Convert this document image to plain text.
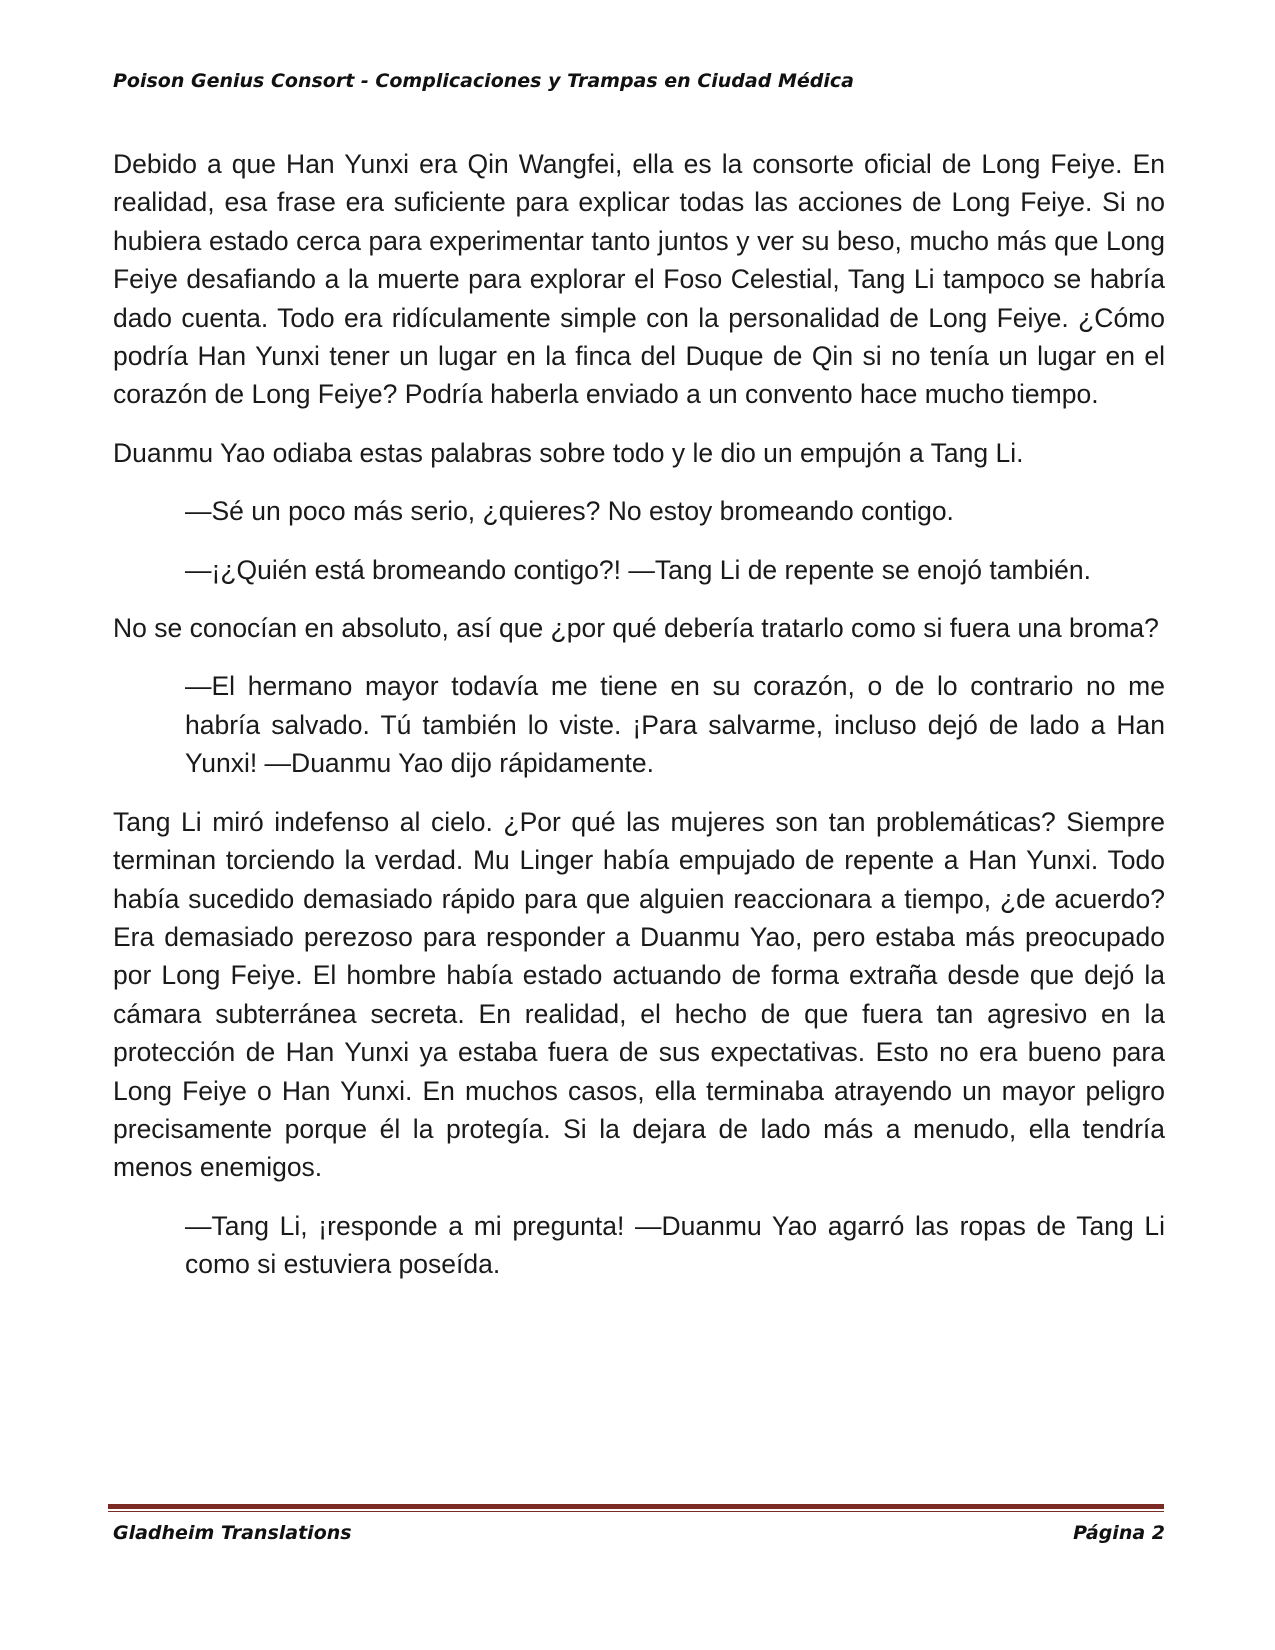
Poison Genius Consort - Complicaciones y Trampas en Ciudad Médica

Debido a que Han Yunxi era Qin Wangfei, ella es la consorte oficial de Long Feiye. En realidad, esa frase era suficiente para explicar todas las acciones de Long Feiye. Si no hubiera estado cerca para experimentar tanto juntos y ver su beso, mucho más que Long Feiye desafiando a la muerte para explorar el Foso Celestial, Tang Li tampoco se habría dado cuenta. Todo era ridículamente simple con la personalidad de Long Feiye. ¿Cómo podría Han Yunxi tener un lugar en la finca del Duque de Qin si no tenía un lugar en el corazón de Long Feiye? Podría haberla enviado a un convento hace mucho tiempo.

Duanmu Yao odiaba estas palabras sobre todo y le dio un empujón a Tang Li.

—Sé un poco más serio, ¿quieres? No estoy bromeando contigo.

—¡¿Quién está bromeando contigo?! —Tang Li de repente se enojó también.

No se conocían en absoluto, así que ¿por qué debería tratarlo como si fuera una broma?

—El hermano mayor todavía me tiene en su corazón, o de lo contrario no me habría salvado. Tú también lo viste. ¡Para salvarme, incluso dejó de lado a Han Yunxi! —Duanmu Yao dijo rápidamente.

Tang Li miró indefenso al cielo. ¿Por qué las mujeres son tan problemáticas? Siempre terminan torciendo la verdad. Mu Linger había empujado de repente a Han Yunxi. Todo había sucedido demasiado rápido para que alguien reaccionara a tiempo, ¿de acuerdo? Era demasiado perezoso para responder a Duanmu Yao, pero estaba más preocupado por Long Feiye. El hombre había estado actuando de forma extraña desde que dejó la cámara subterránea secreta. En realidad, el hecho de que fuera tan agresivo en la protección de Han Yunxi ya estaba fuera de sus expectativas. Esto no era bueno para Long Feiye o Han Yunxi. En muchos casos, ella terminaba atrayendo un mayor peligro precisamente porque él la protegía. Si la dejara de lado más a menudo, ella tendría menos enemigos.

—Tang Li, ¡responde a mi pregunta! —Duanmu Yao agarró las ropas de Tang Li como si estuviera poseída.

Gladheim Translations	Página 2
